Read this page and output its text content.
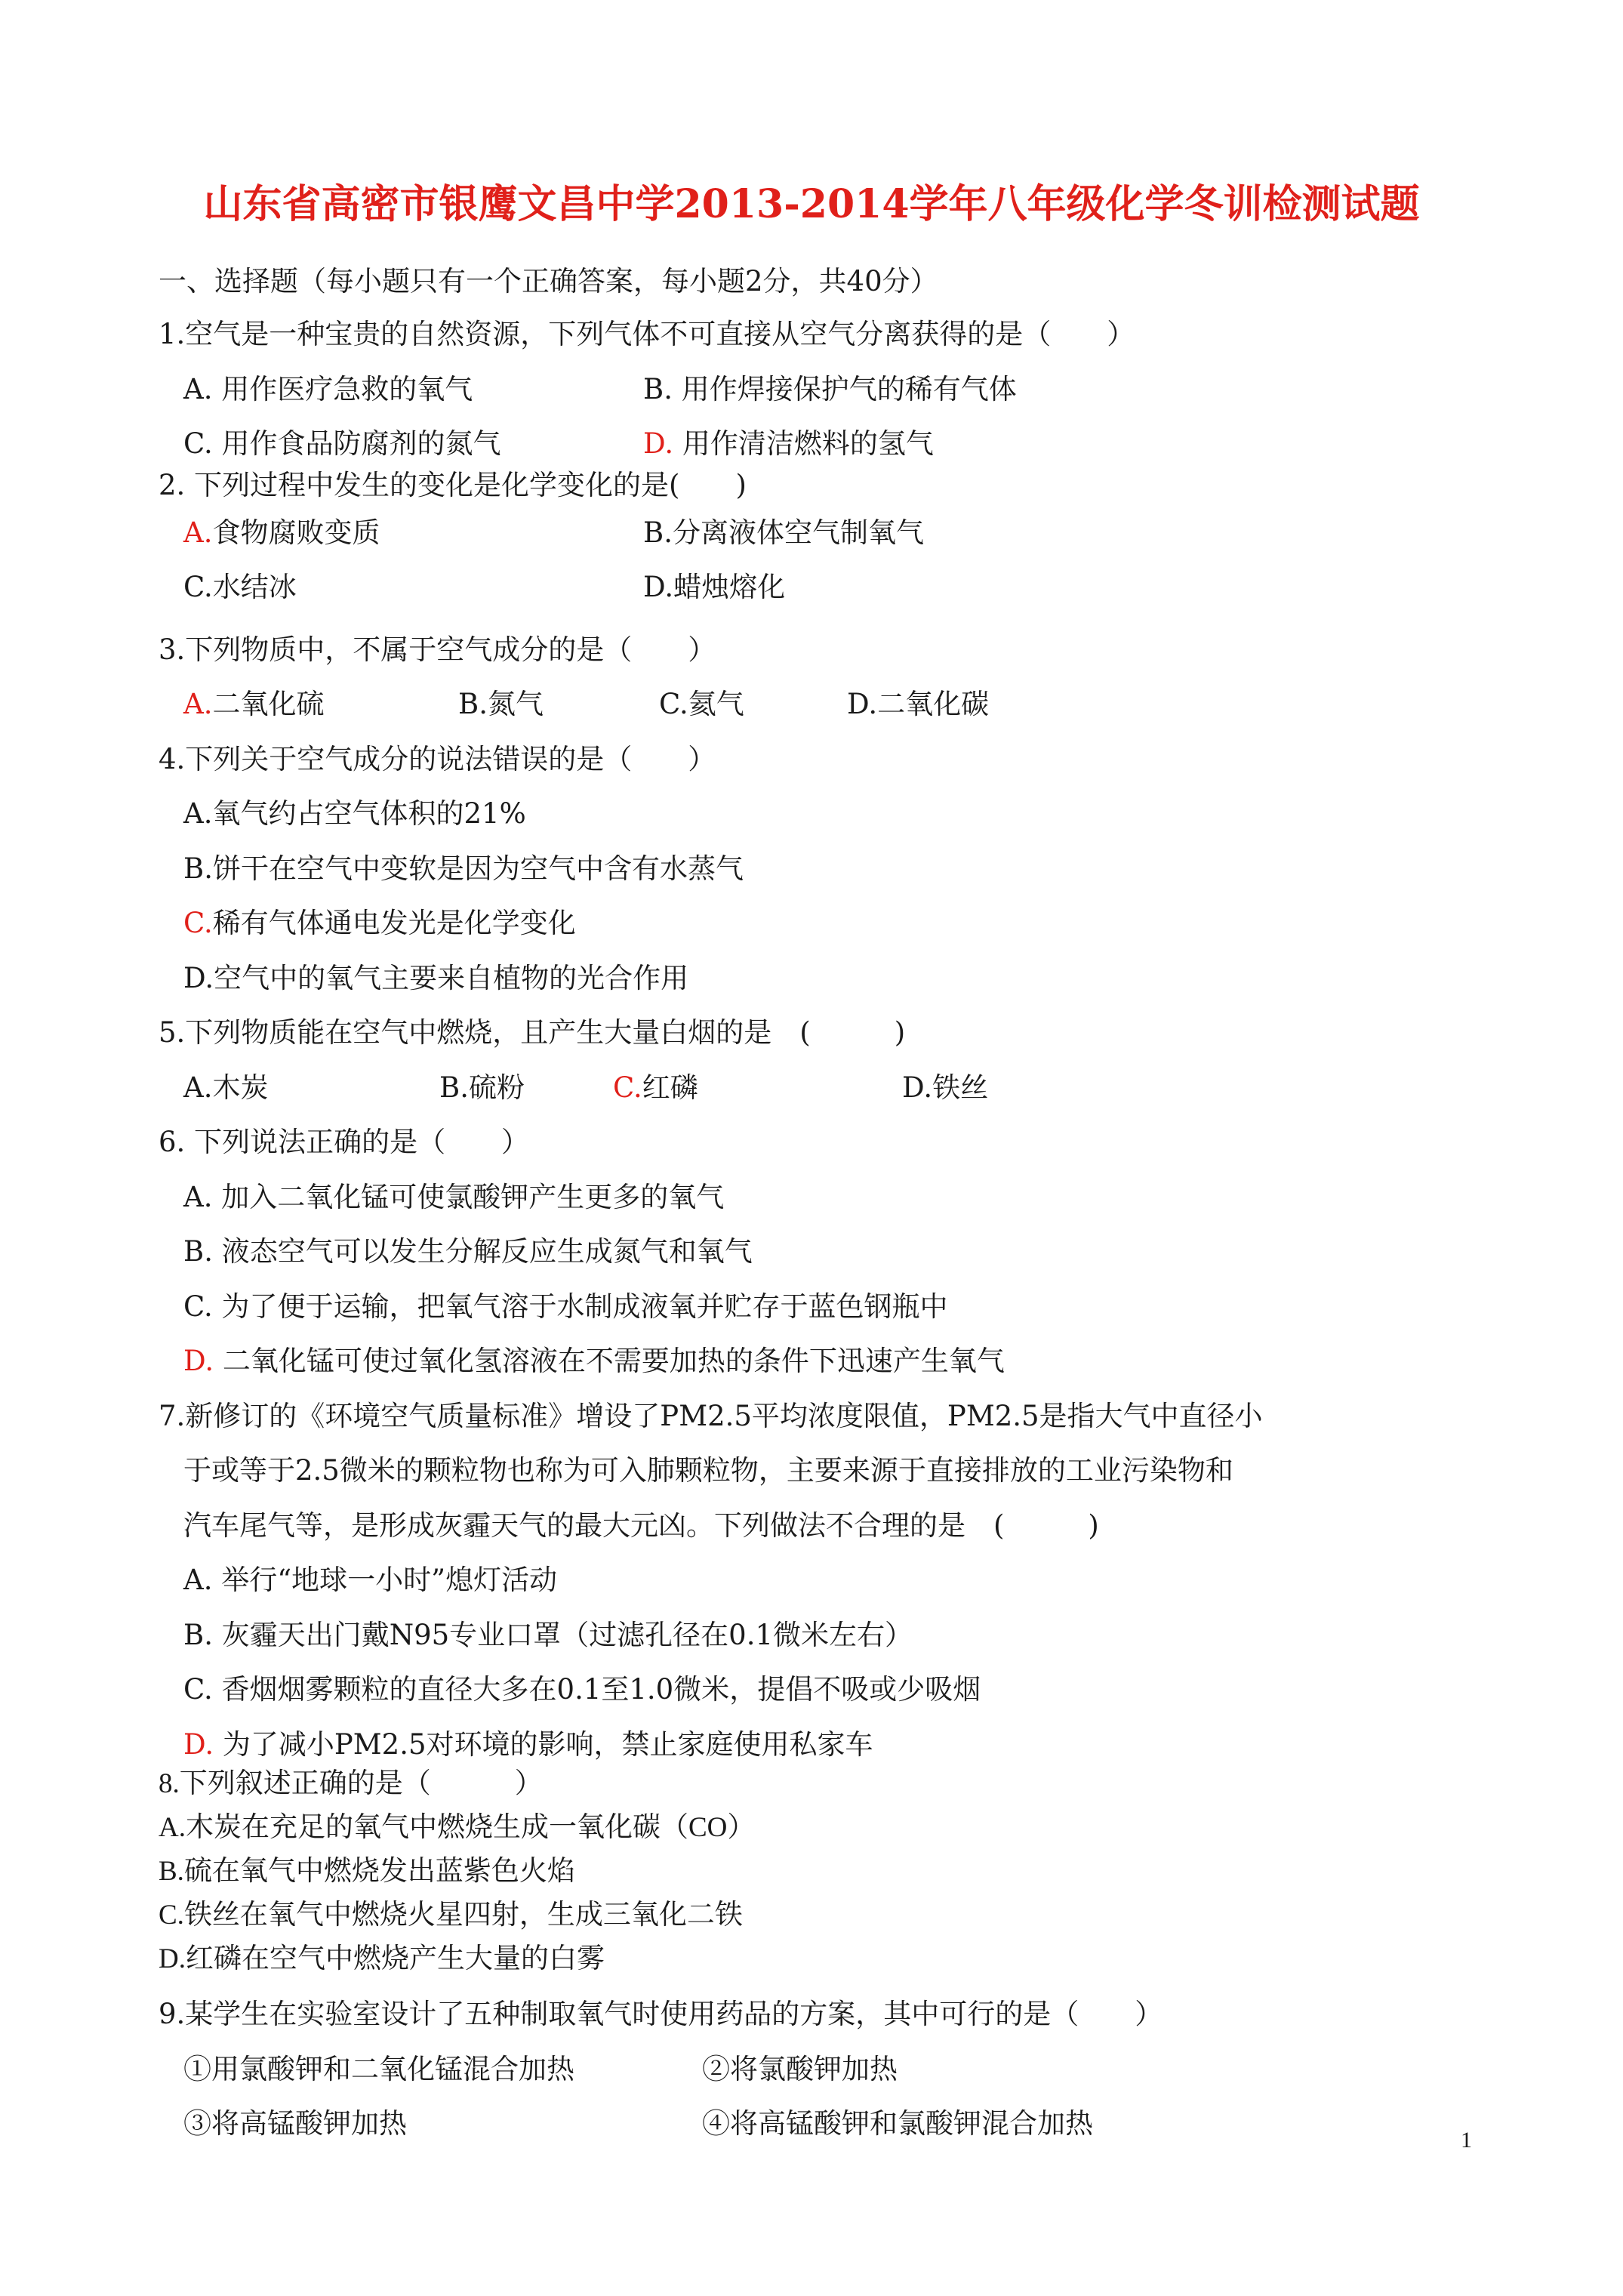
山东省高密市银鹰文昌中学2013-2014学年八年级化学冬训检测试题
一、选择题（每小题只有一个正确答案，每小题2分，共40分）
1.空气是一种宝贵的自然资源，下列气体不可直接从空气分离获得的是（　　）
A. 用作医疗急救的氧气	B. 用作焊接保护气的稀有气体
C. 用作食品防腐剂的氮气	D. 用作清洁燃料的氢气
2. 下列过程中发生的变化是化学变化的是(　　)
A.食物腐败变质	B.分离液体空气制氧气
C.水结冰	D.蜡烛熔化
3.下列物质中，不属于空气成分的是（　　）
A.二氧化硫	B.氮气	C.氦气	D.二氧化碳
4.下列关于空气成分的说法错误的是（　　）
A.氧气约占空气体积的21%
B.饼干在空气中变软是因为空气中含有水蒸气
C.稀有气体通电发光是化学变化
D.空气中的氧气主要来自植物的光合作用
5.下列物质能在空气中燃烧，且产生大量白烟的是　(　　　)
A.木炭	B.硫粉	C.红磷	D.铁丝
6. 下列说法正确的是（　　）
A. 加入二氧化锰可使氯酸钾产生更多的氧气
B. 液态空气可以发生分解反应生成氮气和氧气
C. 为了便于运输，把氧气溶于水制成液氧并贮存于蓝色钢瓶中
D. 二氧化锰可使过氧化氢溶液在不需要加热的条件下迅速产生氧气
7.新修订的《环境空气质量标准》增设了PM2.5平均浓度限值，PM2.5是指大气中直径小
于或等于2.5微米的颗粒物也称为可入肺颗粒物，主要来源于直接排放的工业污染物和
汽车尾气等，是形成灰霾天气的最大元凶。下列做法不合理的是　(　　　)
A. 举行“地球一小时”熄灯活动
B. 灰霾天出门戴N95专业口罩（过滤孔径在0.1微米左右）
C. 香烟烟雾颗粒的直径大多在0.1至1.0微米，提倡不吸或少吸烟
D. 为了减小PM2.5对环境的影响，禁止家庭使用私家车
8.下列叙述正确的是（　　　）
A.木炭在充足的氧气中燃烧生成一氧化碳（CO）
B.硫在氧气中燃烧发出蓝紫色火焰
C.铁丝在氧气中燃烧火星四射，生成三氧化二铁
D.红磷在空气中燃烧产生大量的白雾
9.某学生在实验室设计了五种制取氧气时使用药品的方案，其中可行的是（　　）
①用氯酸钾和二氧化锰混合加热	②将氯酸钾加热
③将高锰酸钾加热	④将高锰酸钾和氯酸钾混合加热
1
